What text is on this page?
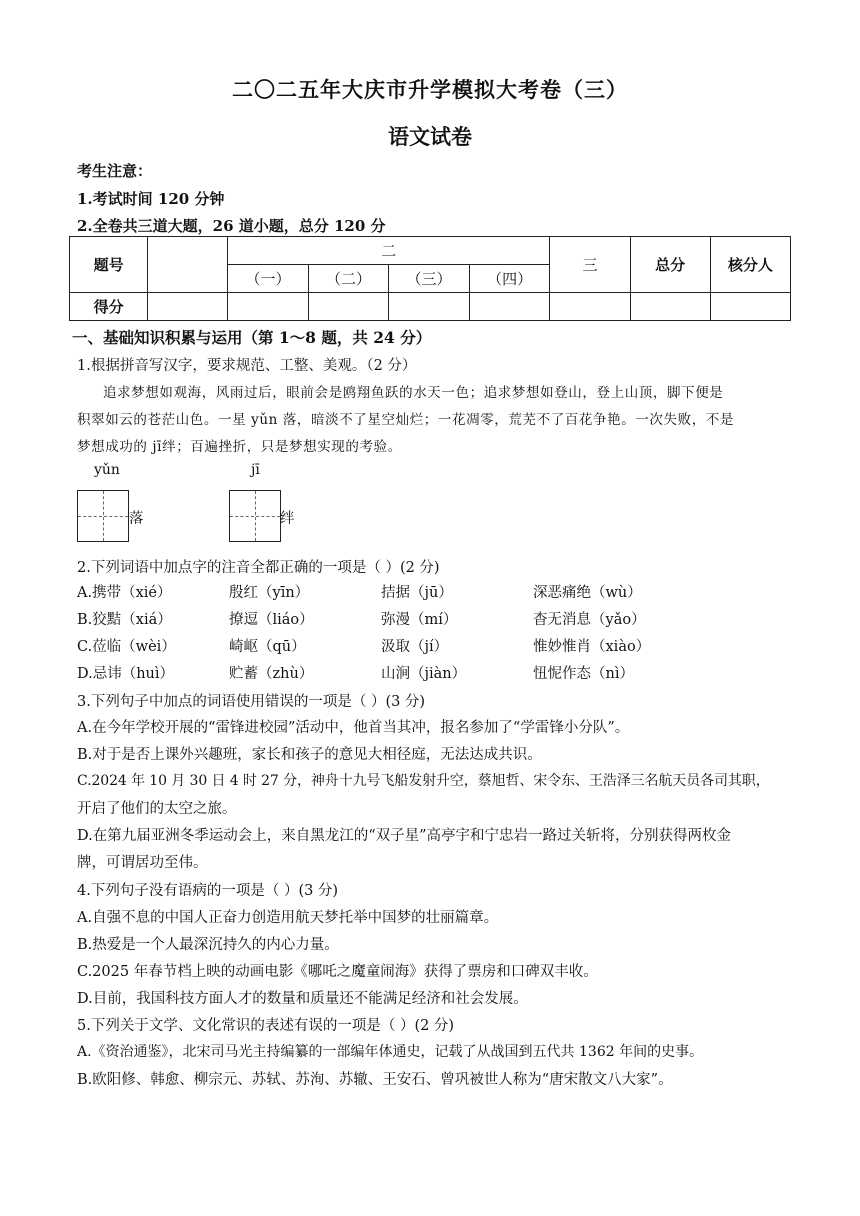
二〇二五年大庆市升学模拟大考卷（三）
语文试卷
考生注意：
1.考试时间 120 分钟
2.全卷共三道大题，26 道小题，总分 120 分
题号		二				三	总分	核分人
		（一）	（二）	（三）	（四）			
得分								
一、基础知识积累与运用（第 1～8 题，共 24 分）
1.根据拼音写汉字，要求规范、工整、美观。（2 分）
追求梦想如观海，风雨过后，眼前会是鸥翔鱼跃的水天一色；追求梦想如登山，登上山顶，脚下便是
积翠如云的苍茫山色。一星 yǔn 落，暗淡不了星空灿烂；一花凋零，荒芜不了百花争艳。一次失败，不是
梦想成功的 jī绊；百遍挫折，只是梦想实现的考验。
yǔn
落
jī
绊
2.下列词语中加点字的注音全都正确的一项是（ ）(2 分)
A.携带（xié）	殷红（yīn）	拮据（jū）	深恶痛绝（wù）
B.狡黠（xiá）	撩逗（liáo）	弥漫（mí）	杳无消息（yǎo）
C.莅临（wèi）	崎岖（qū）	汲取（jí）	惟妙惟肖（xiào）
D.忌讳（huì）	贮蓄（zhù）	山涧（jiàn）	忸怩作态（nì）
3.下列句子中加点的词语使用错误的一项是（ ）(3 分)
A.在今年学校开展的“雷锋进校园”活动中，他首当其冲，报名参加了“学雷锋小分队”。
B.对于是否上课外兴趣班，家长和孩子的意见大相径庭，无法达成共识。
C.2024 年 10 月 30 日 4 时 27 分，神舟十九号飞船发射升空，蔡旭哲、宋令东、王浩泽三名航天员各司其职，
开启了他们的太空之旅。
D.在第九届亚洲冬季运动会上，来自黑龙江的“双子星”高亭宇和宁忠岩一路过关斩将，分别获得两枚金
牌，可谓居功至伟。
4.下列句子没有语病的一项是（ ）(3 分)
A.自强不息的中国人正奋力创造用航天梦托举中国梦的壮丽篇章。
B.热爱是一个人最深沉持久的内心力量。
C.2025 年春节档上映的动画电影《哪吒之魔童闹海》获得了票房和口碑双丰收。
D.目前，我国科技方面人才的数量和质量还不能满足经济和社会发展。
5.下列关于文学、文化常识的表述有误的一项是（ ）(2 分)
A.《资治通鉴》，北宋司马光主持编纂的一部编年体通史，记载了从战国到五代共 1362 年间的史事。
B.欧阳修、韩愈、柳宗元、苏轼、苏洵、苏辙、王安石、曾巩被世人称为“唐宋散文八大家”。
